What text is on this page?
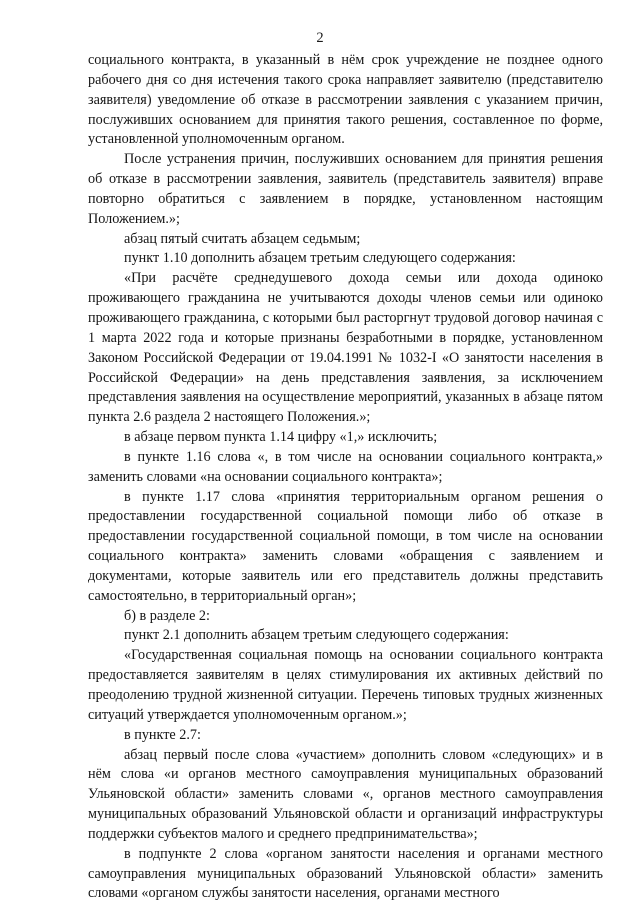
2

социального контракта, в указанный в нём срок учреждение не позднее одного рабочего дня со дня истечения такого срока направляет заявителю (представителю заявителя) уведомление об отказе в рассмотрении заявления с указанием причин, послуживших основанием для принятия такого решения, составленное по форме, установленной уполномоченным органом.

После устранения причин, послуживших основанием для принятия решения об отказе в рассмотрении заявления, заявитель (представитель заявителя) вправе повторно обратиться с заявлением в порядке, установленном настоящим Положением.»;

абзац пятый считать абзацем седьмым;

пункт 1.10 дополнить абзацем третьим следующего содержания:

«При расчёте среднедушевого дохода семьи или дохода одиноко проживающего гражданина не учитываются доходы членов семьи или одиноко проживающего гражданина, с которыми был расторгнут трудовой договор начиная с 1 марта 2022 года и которые признаны безработными в порядке, установленном Законом Российской Федерации от 19.04.1991 № 1032-I «О занятости населения в Российской Федерации» на день представления заявления, за исключением представления заявления на осуществление мероприятий, указанных в абзаце пятом пункта 2.6 раздела 2 настоящего Положения.»;

в абзаце первом пункта 1.14 цифру «1,» исключить;

в пункте 1.16 слова «, в том числе на основании социального контракта,» заменить словами «на основании социального контракта»;

в пункте 1.17 слова «принятия территориальным органом решения о предоставлении государственной социальной помощи либо об отказе в предоставлении государственной социальной помощи, в том числе на основании социального контракта» заменить словами «обращения с заявлением и документами, которые заявитель или его представитель должны представить самостоятельно, в территориальный орган»;

б) в разделе 2:

пункт 2.1 дополнить абзацем третьим следующего содержания:

«Государственная социальная помощь на основании социального контракта предоставляется заявителям в целях стимулирования их активных действий по преодолению трудной жизненной ситуации. Перечень типовых трудных жизненных ситуаций утверждается уполномоченным органом.»;

в пункте 2.7:

абзац первый после слова «участием» дополнить словом «следующих» и в нём слова «и органов местного самоуправления муниципальных образований Ульяновской области» заменить словами «, органов местного самоуправления муниципальных образований Ульяновской области и организаций инфраструктуры поддержки субъектов малого и среднего предпринимательства»;

в подпункте 2 слова «органом занятости населения и органами местного самоуправления муниципальных образований Ульяновской области» заменить словами «органом службы занятости населения, органами местного
